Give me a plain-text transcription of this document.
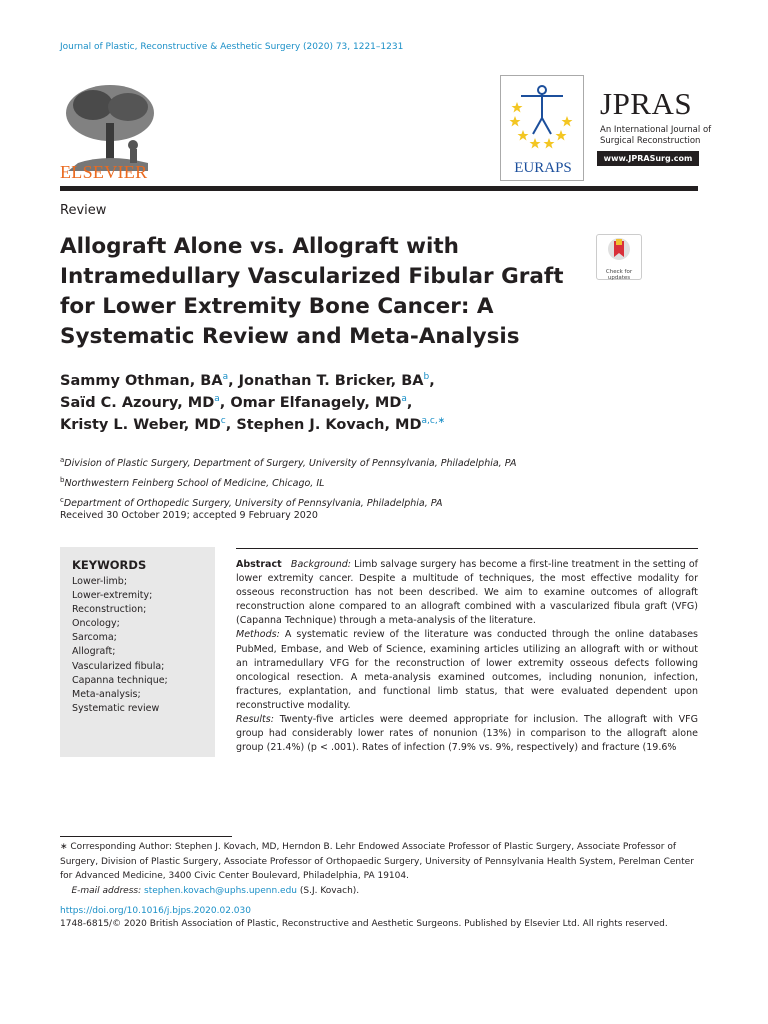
Journal of Plastic, Reconstructive & Aesthetic Surgery (2020) 73, 1221–1231
ELSEVIER	EURAPS
JPRAS
An International Journal of
Surgical Reconstruction
www.JPRASurg.com
Review
Allograft Alone vs. Allograft with Intramedullary Vascularized Fibular Graft for Lower Extremity Bone Cancer: A Systematic Review and Meta-Analysis
Check for updates
Sammy Othman, $BA^a$, Jonathan T. Bricker, $BA^b$,
Saïd C. Azoury, $MD^a$, Omar Elfanagely, $MD^a$,
Kristy L. Weber, $MD^c$, Stephen J. Kovach, $MD^{a,c,∗}$
$^a$Division of Plastic Surgery, Department of Surgery, University of Pennsylvania, Philadelphia, PA
$^b$Northwestern Feinberg School of Medicine, Chicago, IL
$^c$Department of Orthopedic Surgery, University of Pennsylvania, Philadelphia, PA
Received 30 October 2019; accepted 9 February 2020
KEYWORDS
Lower-limb;
Lower-extremity;
Reconstruction;
Oncology;
Sarcoma;
Allograft;
Vascularized fibula;
Capanna technique;
Meta-analysis;
Systematic review
Abstract Background: Limb salvage surgery has become a first-line treatment in the setting of lower extremity cancer. Despite a multitude of techniques, the most effective modality for osseous reconstruction has not been described. We aim to examine outcomes of allograft reconstruction alone compared to an allograft combined with a vascularized fibula graft (VFG) (Capanna Technique) through a meta-analysis of the literature.
Methods: A systematic review of the literature was conducted through the online databases PubMed, Embase, and Web of Science, examining articles utilizing an allograft with or without an intramedullary VFG for the reconstruction of lower extremity osseous defects following oncological resection. A meta-analysis examined outcomes, including nonunion, infection, fractures, explantation, and functional limb status, that were evaluated dependent upon reconstructive modality.
Results: Twenty-five articles were deemed appropriate for inclusion. The allograft with VFG group had considerably lower rates of nonunion (13%) in comparison to the allograft alone group (21.4%) (p < .001). Rates of infection (7.9% vs. 9%, respectively) and fracture (19.6%
∗ Corresponding Author: Stephen J. Kovach, MD, Herndon B. Lehr Endowed Associate Professor of Plastic Surgery, Associate Professor of Surgery, Division of Plastic Surgery, Associate Professor of Orthopaedic Surgery, University of Pennsylvania Health System, Perelman Center for Advanced Medicine, 3400 Civic Center Boulevard, Philadelphia, PA 19104.
E-mail address: stephen.kovach@uphs.upenn.edu (S.J. Kovach).
https://doi.org/10.1016/j.bjps.2020.02.030
1748-6815/© 2020 British Association of Plastic, Reconstructive and Aesthetic Surgeons. Published by Elsevier Ltd. All rights reserved.
